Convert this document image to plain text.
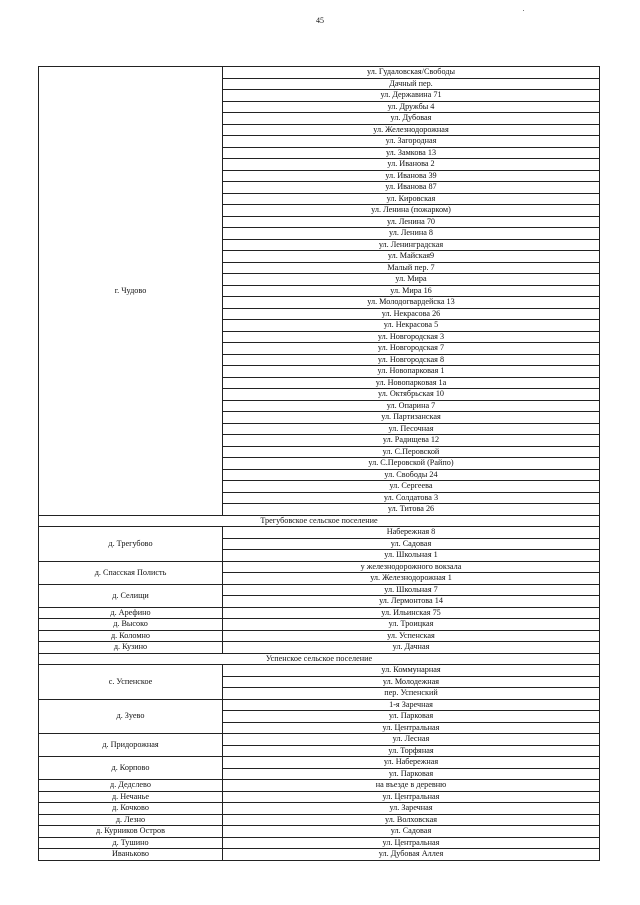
45
г. Чудово	ул. Гудаловская/Свободы
	Дачный пер.
	ул. Державина 71
	ул. Дружбы 4
	ул. Дубовая
	ул. Железнодорожная
	ул. Загородная
	ул. Замкова 13
	ул. Иванова 2
	ул. Иванова 39
	ул. Иванова 87
	ул. Кировская
	ул. Ленина (пожарком)
	ул. Ленина 70
	ул. Ленина 8
	ул. Ленинградская
	ул. Майская9
	Малый пер. 7
	ул. Мира
	ул. Мира 16
	ул. Молодогвардейска 13
	ул. Некрасова 26
	ул. Некрасова 5
	ул. Новгородская 3
	ул. Новгородская 7
	ул. Новгородская 8
	ул. Новопарковая 1
	ул. Новопарковая 1а
	ул. Октябрьская 10
	ул. Опарина 7
	ул. Партизанская
	ул. Песочная
	ул. Радищева 12
	ул. С.Перовской
	ул. С.Перовской (Райпо)
	ул. Свободы 24
	ул. Сергеева
	ул. Солдатова 3
	ул. Титова 26
Трегубовское сельское поселение	
д. Трегубово	Набережная 8
	ул. Садовая
	ул. Школьная 1
д. Спасская Полисть	у железнодорожного вокзала
	ул. Железнодорожная 1
д. Селищи	ул. Школьная 7
	ул. Лермонтова 14
д. Арефино	ул. Ильинская 75
д. Высоко	ул. Троицкая
д. Коломно	ул. Успенская
д. Кузино	ул. Дачная
Успенское сельское поселение	
с. Успенское	ул. Коммунарная
	ул. Молодежная
	пер. Успенский
д. Зуево	1-я Заречная
	ул. Парковая
	ул. Центральная
д. Придорожная	ул. Лесная
	ул. Торфяная
д. Корпово	ул. Набережная
	ул. Парковая
д. Дедслево	на въезде в деревню
д. Нечанье	ул. Центральная
д. Кочково	ул. Заречная
д. Лезно	ул. Волховская
д. Курников Остров	ул. Садовая
д. Тушино	ул. Центральная
Иванько́во	ул. Дубовая Аллея
